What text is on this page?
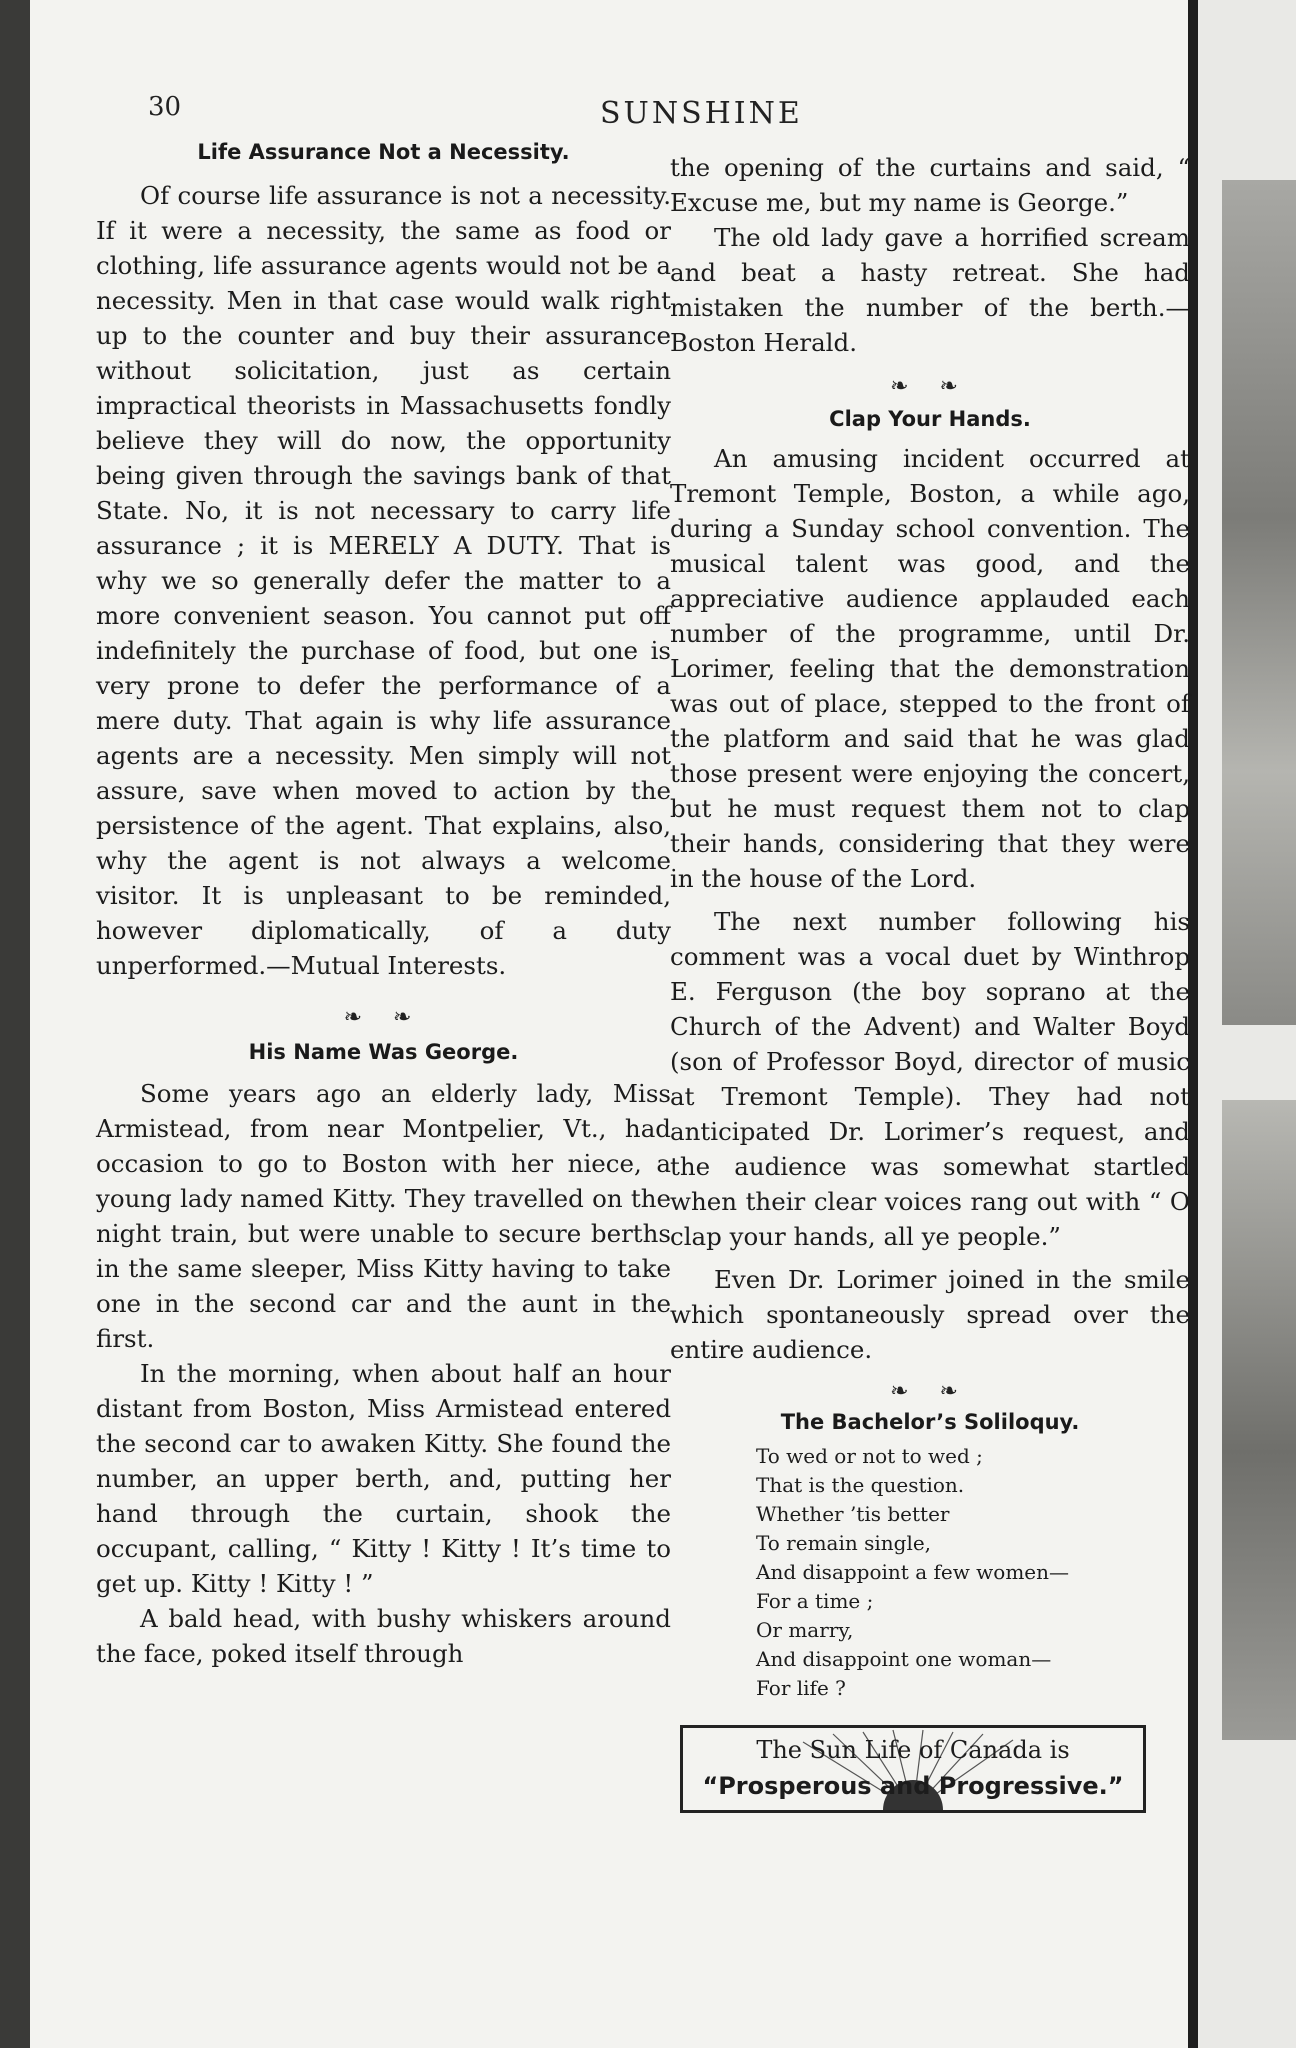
30	SUNSHINE
Life Assurance Not a Necessity.

Of course life assurance is not a necessity. If it were a necessity, the same as food or clothing, life assurance agents would not be a necessity. Men in that case would walk right up to the counter and buy their assurance without solicitation, just as certain impractical theorists in Massachusetts fondly believe they will do now, the opportunity being given through the savings bank of that State. No, it is not necessary to carry life assurance ; it is MERELY A DUTY. That is why we so generally defer the matter to a more convenient season. You cannot put off indefinitely the purchase of food, but one is very prone to defer the performance of a mere duty. That again is why life assurance agents are a necessity. Men simply will not assure, save when moved to action by the persistence of the agent. That explains, also, why the agent is not always a welcome visitor. It is unpleasant to be reminded, however diplomatically, of a duty unperformed.—Mutual Interests.

❧ ❧
His Name Was George.

Some years ago an elderly lady, Miss Armistead, from near Montpelier, Vt., had occasion to go to Boston with her niece, a young lady named Kitty. They travelled on the night train, but were unable to secure berths in the same sleeper, Miss Kitty having to take one in the second car and the aunt in the first.

In the morning, when about half an hour distant from Boston, Miss Armistead entered the second car to awaken Kitty. She found the number, an upper berth, and, putting her hand through the curtain, shook the occupant, calling, “ Kitty ! Kitty ! It’s time to get up. Kitty ! Kitty ! ”

A bald head, with bushy whiskers around the face, poked itself through

the opening of the curtains and said, “ Excuse me, but my name is George.”

The old lady gave a horrified scream and beat a hasty retreat. She had mistaken the number of the berth.—Boston Herald.

❧ ❧
Clap Your Hands.

An amusing incident occurred at Tremont Temple, Boston, a while ago, during a Sunday school convention. The musical talent was good, and the appreciative audience applauded each number of the programme, until Dr. Lorimer, feeling that the demonstration was out of place, stepped to the front of the platform and said that he was glad those present were enjoying the concert, but he must request them not to clap their hands, considering that they were in the house of the Lord.

The next number following his comment was a vocal duet by Winthrop E. Ferguson (the boy soprano at the Church of the Advent) and Walter Boyd (son of Professor Boyd, director of music at Tremont Temple). They had not anticipated Dr. Lorimer’s request, and the audience was somewhat startled when their clear voices rang out with “ O clap your hands, all ye people.”

Even Dr. Lorimer joined in the smile which spontaneously spread over the entire audience.

❧ ❧
The Bachelor’s Soliloquy.
To wed or not to wed ;
That is the question.
Whether ’tis better
To remain single,
And disappoint a few women—
For a time ;
Or marry,
And disappoint one woman—
For life ?
The Sun Life of Canada is
“Prosperous and Progressive.”
